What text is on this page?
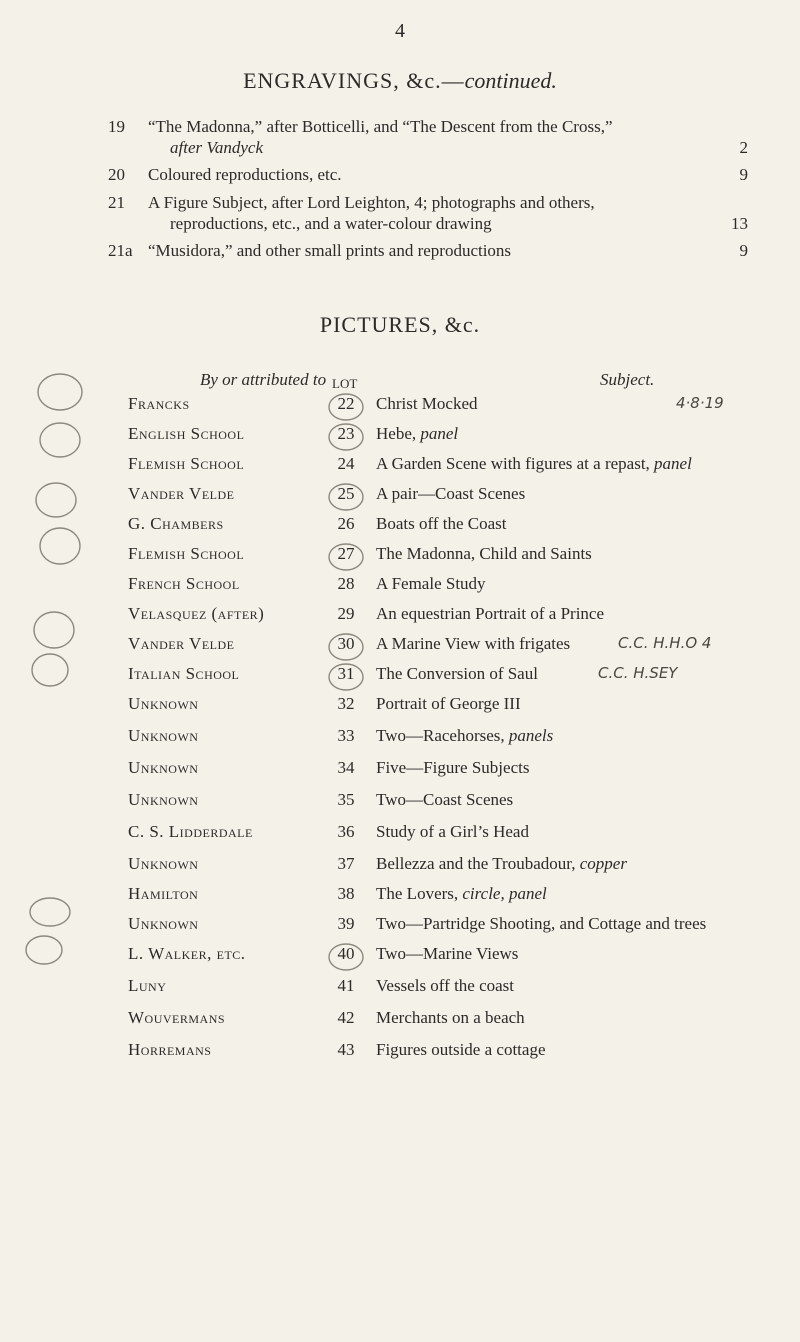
4
ENGRAVINGS, &c.—continued.
19	“The Madonna,” after Botticelli, and “The Descent from the Cross,”
after Vandyck	2
20	Coloured reproductions, etc.	9
21	A Figure Subject, after Lord Leighton, 4; photographs and others,
reproductions, etc., and a water-colour drawing	13
21a “Musidora,” and other small prints and reproductions	9
PICTURES, &c.
By or attributed to LOT	Subject.
Francks	22	Christ Mocked
English School	23	Hebe, panel
Flemish School	24	A Garden Scene with figures at a repast, panel
Vander Velde	25	A pair—Coast Scenes
G. Chambers	26	Boats off the Coast
Flemish School	27	The Madonna, Child and Saints
French School	28	A Female Study
Velasquez (after)	29	An equestrian Portrait of a Prince
Vander Velde	30	A Marine View with frigates
Italian School	31	The Conversion of Saul
Unknown	32	Portrait of George III
Unknown	33	Two—Racehorses, panels
Unknown	34	Five—Figure Subjects
Unknown	35	Two—Coast Scenes
C. S. Lidderdale	36	Study of a Girl’s Head
Unknown	37	Bellezza and the Troubadour, copper
Hamilton	38	The Lovers, circle, panel
Unknown	39	Two—Partridge Shooting, and Cottage and trees
L. Walker, etc.	40	Two—Marine Views
Luny	41	Vessels off the coast
Wouvermans	42	Merchants on a beach
Horremans	43	Figures outside a cottage
4·8·19
C.C. H.H.O 4
C.C. H.SEY
